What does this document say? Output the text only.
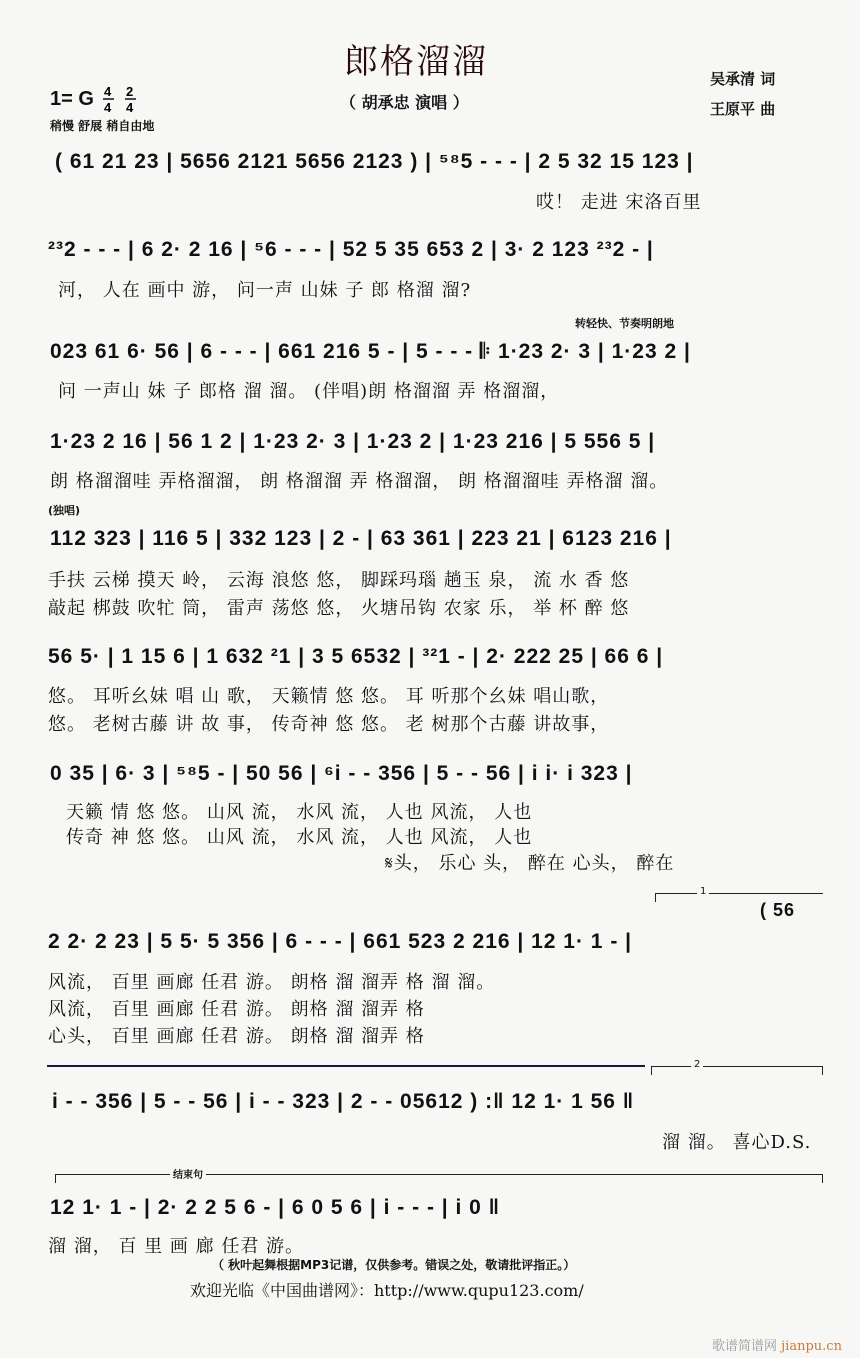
郎格溜溜
（ 胡承忠 演唱 ）
吴承清 词
王原平 曲
1= G 4
4
2
4
稍慢 舒展 稍自由地
( 61 21 23 | 5656 2121 5656 2123 ) | ⁵⁸5 - - - | 2 5 32 15 123 |
哎！ 走进 宋洛百里
²³2 - - - | 6 2· 2 16 | ⁵6 - - - | 52 5 35 653 2 | 3· 2 123 ²³2 - |
河， 人在 画中 游， 问一声 山妹 子 郎 格溜 溜?
转轻快、节奏明朗地
023 61 6· 56 | 6 - - - | 661 216 5 - | 5 - - - 𝄆 1·23 2· 3 | 1·23 2 |
问 一声山 妹 子 郎格 溜 溜。 (伴唱)朗 格溜溜 弄 格溜溜，
1·23 2 16 | 56 1 2 | 1·23 2· 3 | 1·23 2 | 1·23 216 | 5 556 5 |
朗 格溜溜哇 弄格溜溜， 朗 格溜溜 弄 格溜溜， 朗 格溜溜哇 弄格溜 溜。
(独唱)
112 323 | 116 5 | 332 123 | 2 - | 63 361 | 223 21 | 6123 216 |
手扶 云梯 摸天 岭， 云海 浪悠 悠， 脚踩玛瑙 趟玉 泉， 流 水 香 悠
敲起 梆鼓 吹牤 筒， 雷声 荡悠 悠， 火塘吊钩 农家 乐， 举 杯 醉 悠
56 5· | 1 15 6 | 1 632 ²1 | 3 5 6532 | ³²1 - | 2· 222 25 | 66 6 |
悠。 耳听幺妹 唱 山 歌， 天籁情 悠 悠。 耳 听那个幺妹 唱山歌，
悠。 老树古藤 讲 故 事， 传奇神 悠 悠。 老 树那个古藤 讲故事，
0 35 | 6· 3 | ⁵⁸5 - | 50 56 | ⁶i - - 356 | 5 - - 56 | i i· i 323 |
天籁 情 悠 悠。 山风 流， 水风 流， 人也 风流， 人也
传奇 神 悠 悠。 山风 流， 水风 流， 人也 风流， 人也
𝄋头， 乐心 头， 醉在 心头， 醉在
1
( 56
2 2· 2 23 | 5 5· 5 356 | 6 - - - | 661 523 2 216 | 12 1· 1 - |
风流， 百里 画廊 任君 游。 朗格 溜 溜弄 格 溜 溜。
风流， 百里 画廊 任君 游。 朗格 溜 溜弄 格
心头， 百里 画廊 任君 游。 朗格 溜 溜弄 格
2
i - - 356 | 5 - - 56 | i - - 323 | 2 - - 05612 ) :‖ 12 1· 1 56 ‖
溜 溜。 喜心D.S.
结束句
12 1· 1 - | 2· 2 2 5 6 - | 6 0 5 6 | i - - - | i 0 ‖
溜 溜， 百 里 画 廊 任君 游。
（ 秋叶起舞根据MP3记谱，仅供参考。错误之处，敬请批评指正。）
欢迎光临《中国曲谱网》：http://www.qupu123.com/
歌谱简谱网 jianpu.cn
